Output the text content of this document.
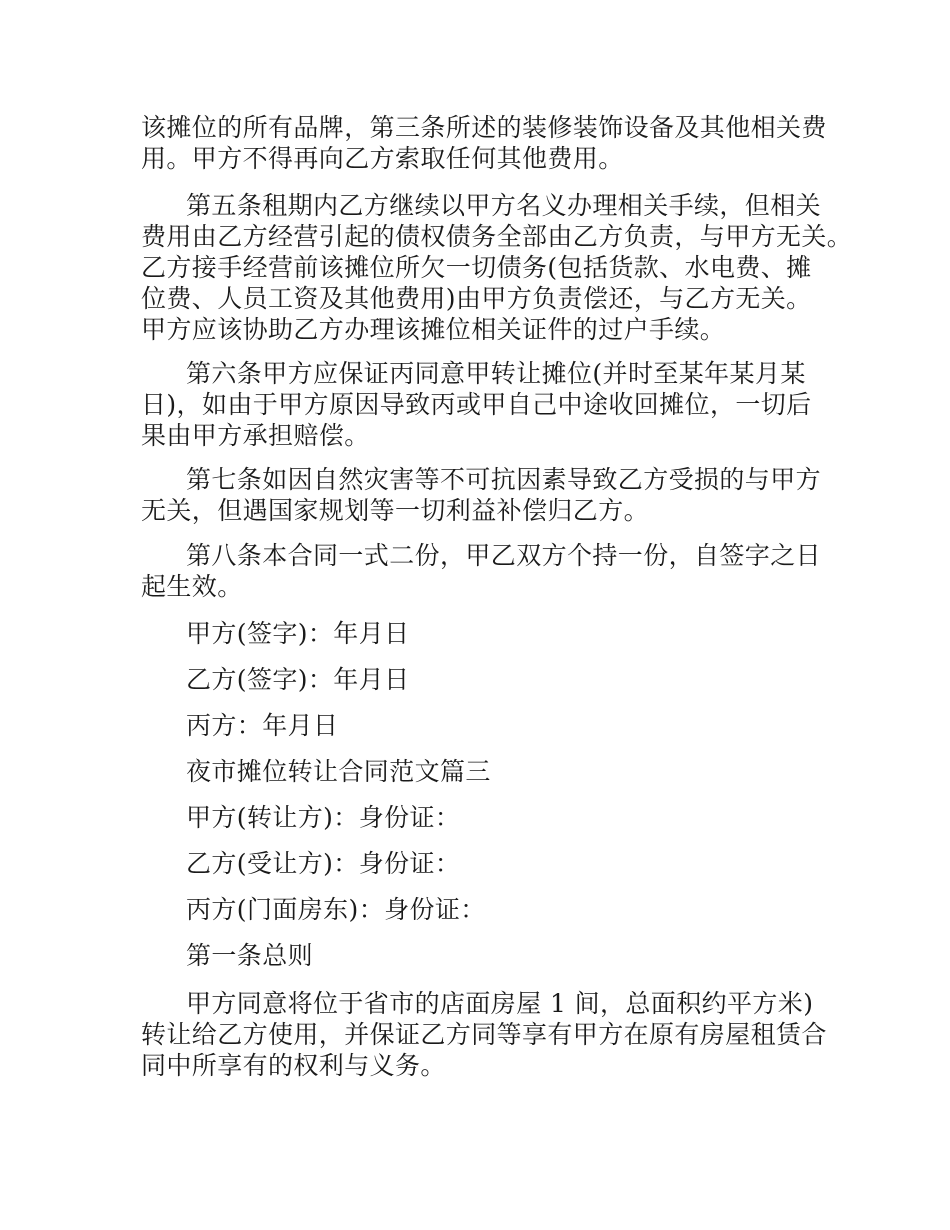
该摊位的所有品牌，第三条所述的装修装饰设备及其他相关费
用。甲方不得再向乙方索取任何其他费用。
第五条租期内乙方继续以甲方名义办理相关手续，但相关
费用由乙方经营引起的债权债务全部由乙方负责，与甲方无关。
乙方接手经营前该摊位所欠一切债务(包括货款、水电费、摊
位费、人员工资及其他费用)由甲方负责偿还，与乙方无关。
甲方应该协助乙方办理该摊位相关证件的过户手续。
第六条甲方应保证丙同意甲转让摊位(并时至某年某月某
日)，如由于甲方原因导致丙或甲自己中途收回摊位，一切后
果由甲方承担赔偿。
第七条如因自然灾害等不可抗因素导致乙方受损的与甲方
无关，但遇国家规划等一切利益补偿归乙方。
第八条本合同一式二份，甲乙双方个持一份，自签字之日
起生效。
甲方(签字)：年月日
乙方(签字)：年月日
丙方：年月日
夜市摊位转让合同范文篇三
甲方(转让方)：身份证：
乙方(受让方)：身份证：
丙方(门面房东)：身份证：
第一条总则
甲方同意将位于省市的店面房屋 1 间，总面积约平方米)
转让给乙方使用，并保证乙方同等享有甲方在原有房屋租赁合
同中所享有的权利与义务。
